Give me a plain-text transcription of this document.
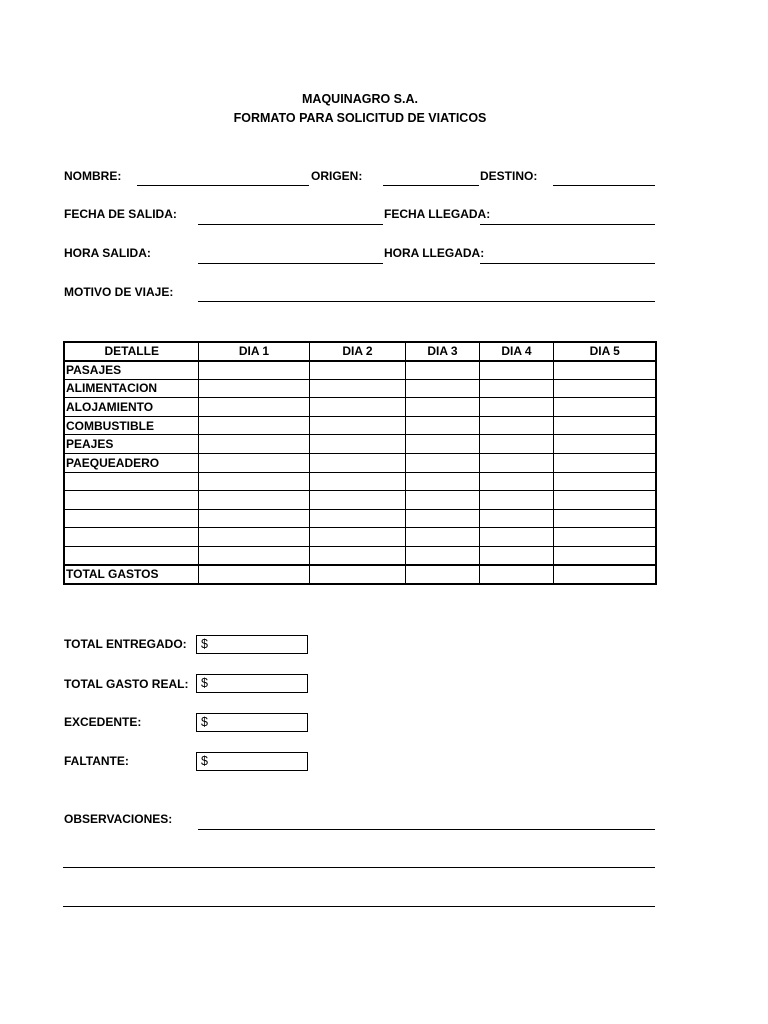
MAQUINAGRO S.A.
FORMATO PARA SOLICITUD DE VIATICOS
NOMBRE:	ORIGEN:	DESTINO:
FECHA DE SALIDA:	FECHA LLEGADA:
HORA SALIDA:	HORA LLEGADA:
MOTIVO DE VIAJE:
DETALLE	DIA 1	DIA 2	DIA 3	DIA 4	DIA 5
PASAJES					
ALIMENTACION					
ALOJAMIENTO					
COMBUSTIBLE					
PEAJES					
PAEQUEADERO					

TOTAL GASTOS					
TOTAL ENTREGADO:	$
TOTAL GASTO REAL:	$
EXCEDENTE:	$
FALTANTE:	$
OBSERVACIONES:
